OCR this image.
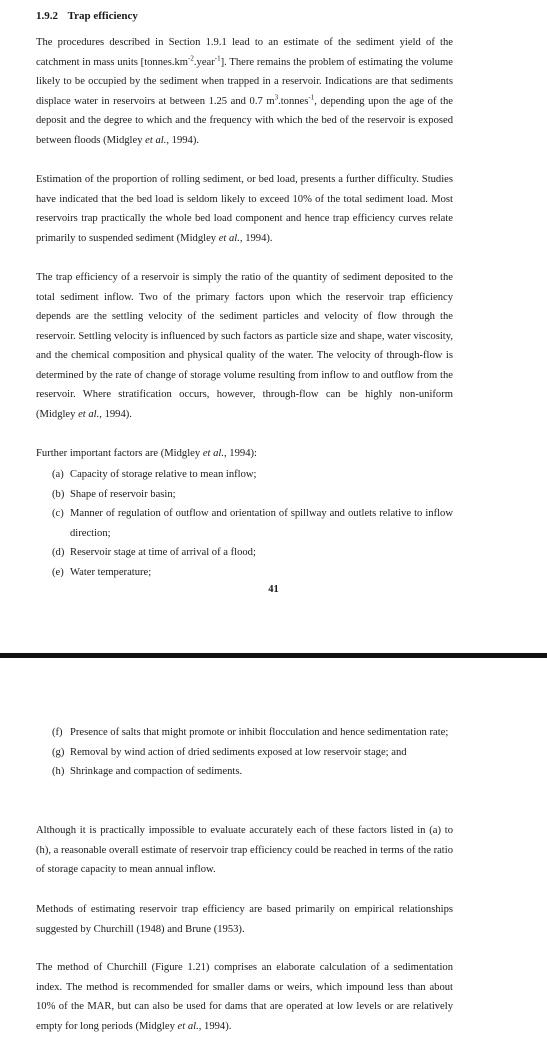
1.9.2 Trap efficiency

The procedures described in Section 1.9.1 lead to an estimate of the sediment yield of the catchment in mass units $[tonnes.km^{-2}.year^{-1}]$. There remains the problem of estimating the volume likely to be occupied by the sediment when trapped in a reservoir. Indications are that sediments displace water in reservoirs at between 1.25 and 0.7 $m^3.tonnes^{-1}$, depending upon the age of the deposit and the degree to which and the frequency with which the bed of the reservoir is exposed between floods (Midgley et al., 1994).

Estimation of the proportion of rolling sediment, or bed load, presents a further difficulty. Studies have indicated that the bed load is seldom likely to exceed 10% of the total sediment load. Most reservoirs trap practically the whole bed load component and hence trap efficiency curves relate primarily to suspended sediment (Midgley et al., 1994).

The trap efficiency of a reservoir is simply the ratio of the quantity of sediment deposited to the total sediment inflow. Two of the primary factors upon which the reservoir trap efficiency depends are the settling velocity of the sediment particles and velocity of flow through the reservoir. Settling velocity is influenced by such factors as particle size and shape, water viscosity, and the chemical composition and physical quality of the water. The velocity of through-flow is determined by the rate of change of storage volume resulting from inflow to and outflow from the reservoir. Where stratification occurs, however, through-flow can be highly non-uniform (Midgley et al., 1994).

Further important factors are (Midgley et al., 1994):

(a) Capacity of storage relative to mean inflow;
(b) Shape of reservoir basin;
(c) Manner of regulation of outflow and orientation of spillway and outlets relative to inflow direction;
(d) Reservoir stage at time of arrival of a flood;
(e) Water temperature;
41
(f) Presence of salts that might promote or inhibit flocculation and hence sedimentation rate;
(g) Removal by wind action of dried sediments exposed at low reservoir stage; and
(h) Shrinkage and compaction of sediments.

Although it is practically impossible to evaluate accurately each of these factors listed in (a) to (h), a reasonable overall estimate of reservoir trap efficiency could be reached in terms of the ratio of storage capacity to mean annual inflow.

Methods of estimating reservoir trap efficiency are based primarily on empirical relationships suggested by Churchill (1948) and Brune (1953).

The method of Churchill (Figure 1.21) comprises an elaborate calculation of a sedimentation index. The method is recommended for smaller dams or weirs, which impound less than about 10% of the MAR, but can also be used for dams that are operated at low levels or are relatively empty for long periods (Midgley et al., 1994).
